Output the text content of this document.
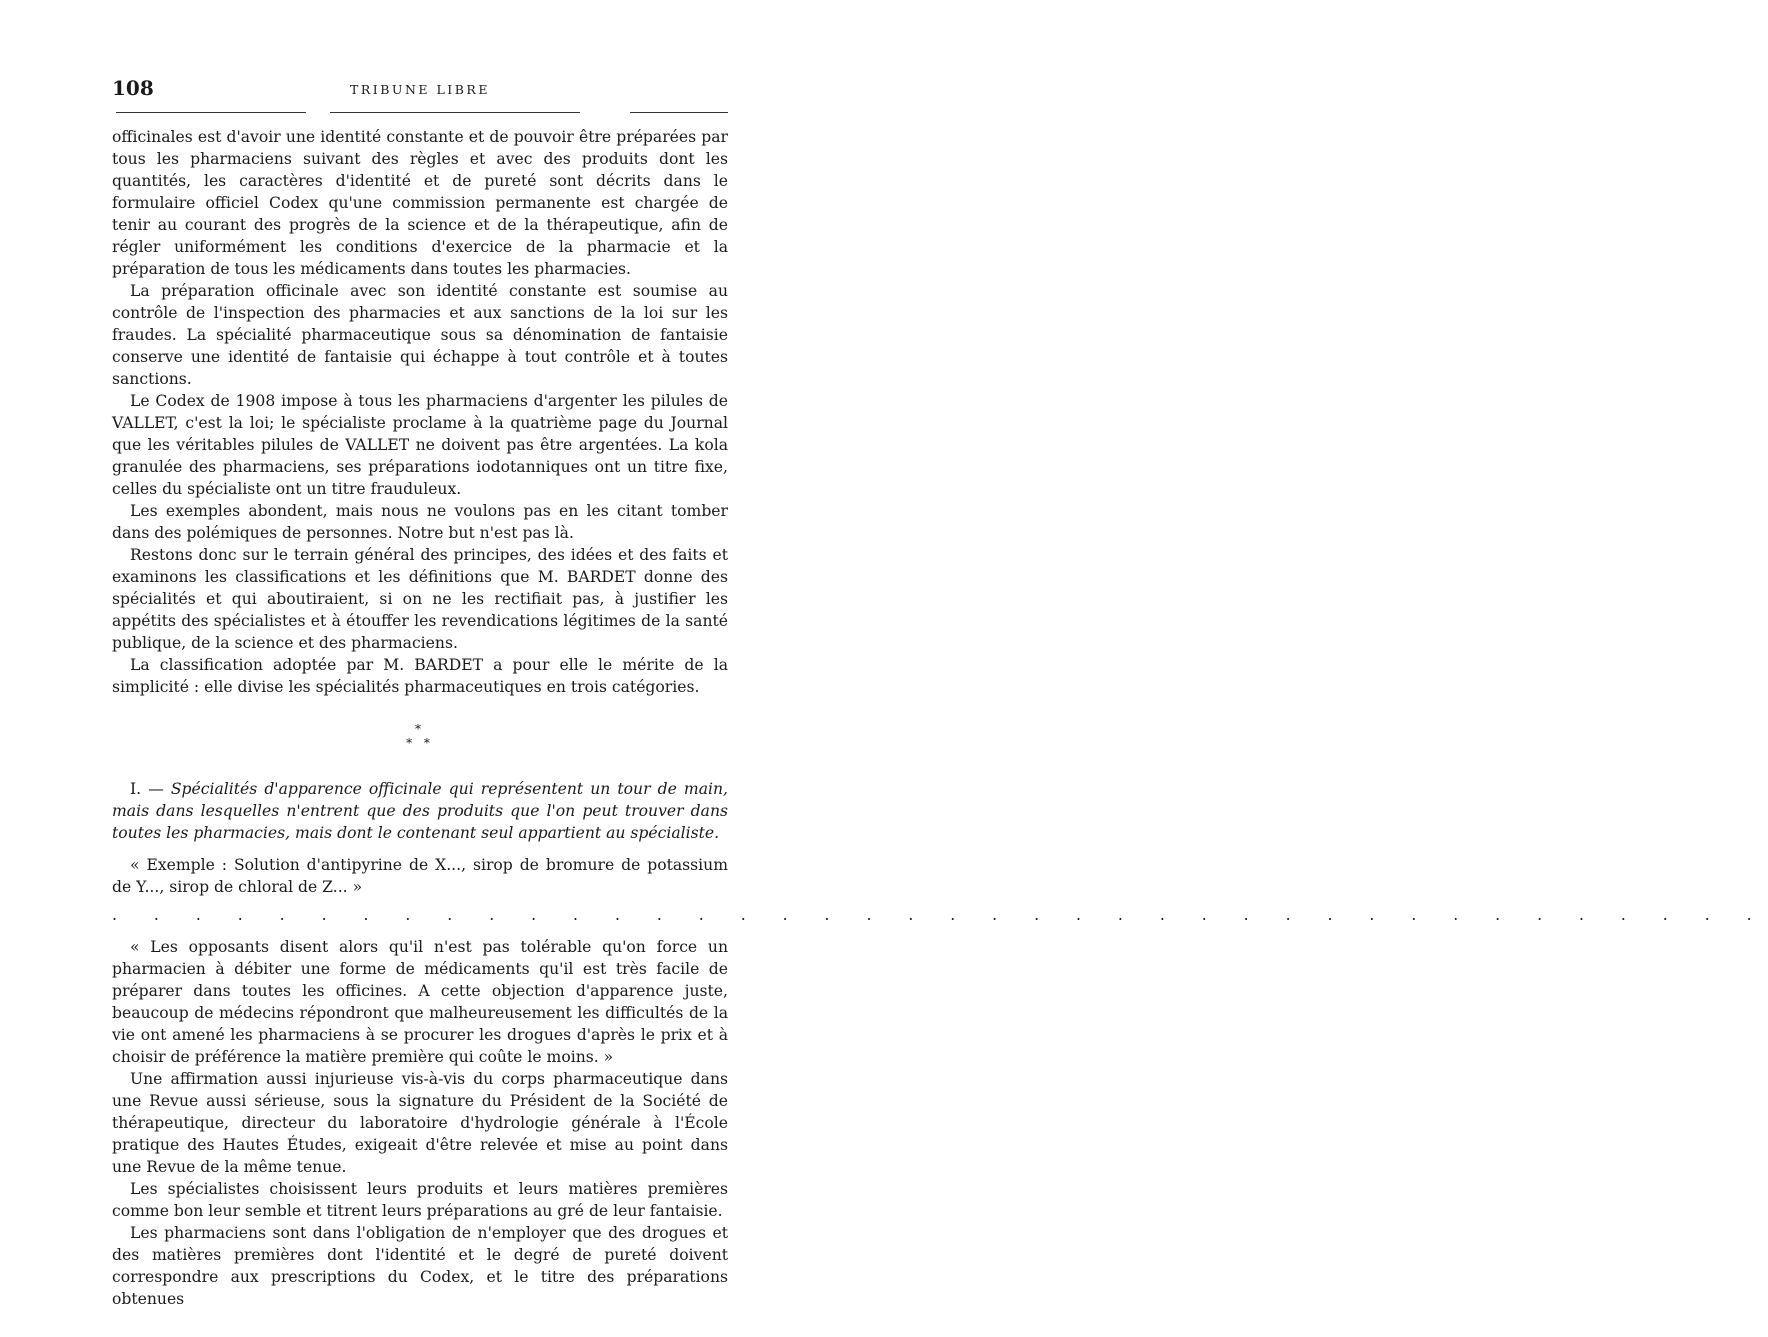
108	TRIBUNE LIBRE

officinales est d'avoir une identité constante et de pouvoir être préparées par tous les pharmaciens suivant des règles et avec des produits dont les quantités, les caractères d'identité et de pureté sont décrits dans le formulaire officiel Codex qu'une commission permanente est chargée de tenir au courant des progrès de la science et de la thérapeutique, afin de régler uniformément les conditions d'exercice de la pharmacie et la préparation de tous les médicaments dans toutes les pharmacies.

La préparation officinale avec son identité constante est soumise au contrôle de l'inspection des pharmacies et aux sanctions de la loi sur les fraudes. La spécialité pharmaceutique sous sa dénomination de fantaisie conserve une identité de fantaisie qui échappe à tout contrôle et à toutes sanctions.

Le Codex de 1908 impose à tous les pharmaciens d'argenter les pilules de VALLET, c'est la loi; le spécialiste proclame à la quatrième page du Journal que les véritables pilules de VALLET ne doivent pas être argentées. La kola granulée des pharmaciens, ses préparations iodotanniques ont un titre fixe, celles du spécialiste ont un titre frauduleux.

Les exemples abondent, mais nous ne voulons pas en les citant tomber dans des polémiques de personnes. Notre but n'est pas là.

Restons donc sur le terrain général des principes, des idées et des faits et examinons les classifications et les définitions que M. BARDET donne des spécialités et qui aboutiraient, si on ne les rectifiait pas, à justifier les appétits des spécialistes et à étouffer les revendications légitimes de la santé publique, de la science et des pharmaciens.

La classification adoptée par M. BARDET a pour elle le mérite de la simplicité : elle divise les spécialités pharmaceutiques en trois catégories.

*
* *

I. — Spécialités d'apparence officinale qui représentent un tour de main, mais dans lesquelles n'entrent que des produits que l'on peut trouver dans toutes les pharmacies, mais dont le contenant seul appartient au spécialiste.

« Exemple : Solution d'antipyrine de X..., sirop de bromure de potassium de Y..., sirop de chloral de Z... »

. . . . . . . . . . . . . . . . . . . . . . . . . . . . . . . . . . . . . . . .

« Les opposants disent alors qu'il n'est pas tolérable qu'on force un pharmacien à débiter une forme de médicaments qu'il est très facile de préparer dans toutes les officines. A cette objection d'apparence juste, beaucoup de médecins répondront que malheureusement les difficultés de la vie ont amené les pharmaciens à se procurer les drogues d'après le prix et à choisir de préférence la matière première qui coûte le moins. »

Une affirmation aussi injurieuse vis-à-vis du corps pharmaceutique dans une Revue aussi sérieuse, sous la signature du Président de la Société de thérapeutique, directeur du laboratoire d'hydrologie générale à l'École pratique des Hautes Études, exigeait d'être relevée et mise au point dans une Revue de la même tenue.

Les spécialistes choisissent leurs produits et leurs matières premières comme bon leur semble et titrent leurs préparations au gré de leur fantaisie.

Les pharmaciens sont dans l'obligation de n'employer que des drogues et des matières premières dont l'identité et le degré de pureté doivent correspondre aux prescriptions du Codex, et le titre des préparations obtenues
